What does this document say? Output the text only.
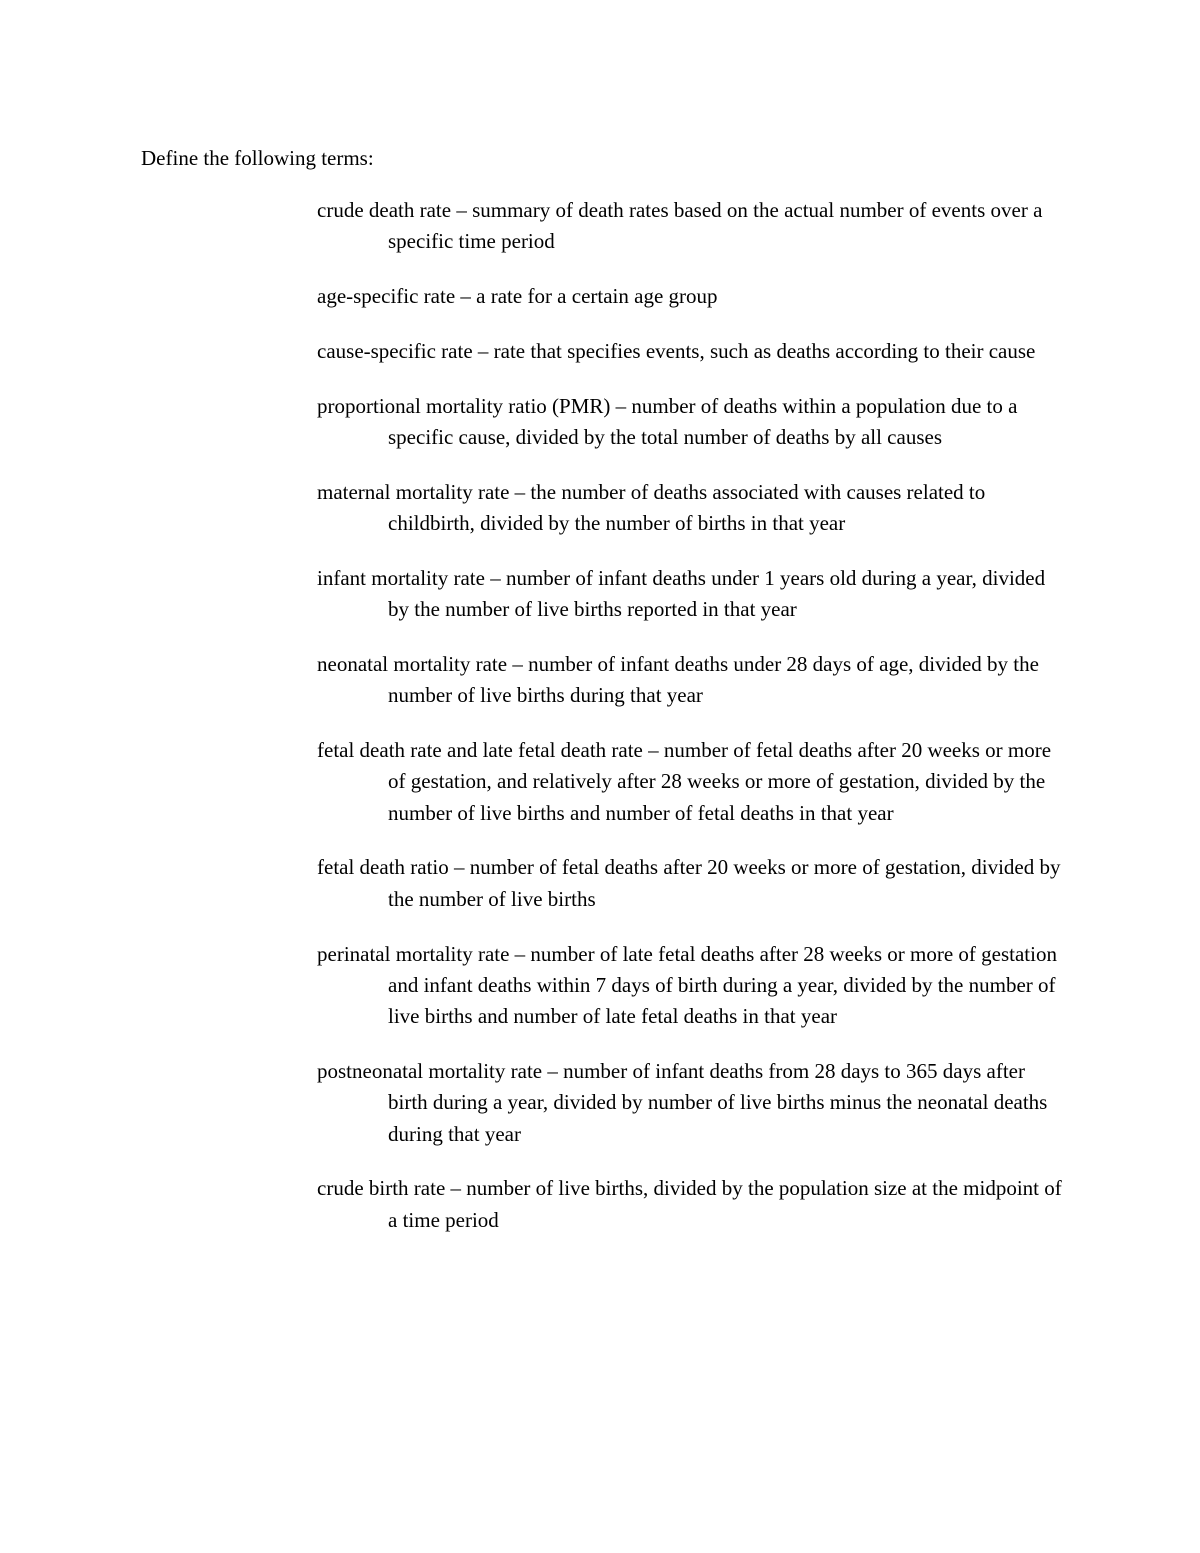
Define the following terms:
crude death rate – summary of death rates based on the actual number of events over a specific time period
age-specific rate – a rate for a certain age group
cause-specific rate – rate that specifies events, such as deaths according to their cause
proportional mortality ratio (PMR) – number of deaths within a population due to a specific cause, divided by the total number of deaths by all causes
maternal mortality rate – the number of deaths associated with causes related to childbirth, divided by the number of births in that year
infant mortality rate – number of infant deaths under 1 years old during a year, divided by the number of live births reported in that year
neonatal mortality rate – number of infant deaths under 28 days of age, divided by the number of live births during that year
fetal death rate and late fetal death rate – number of fetal deaths after 20 weeks or more of gestation, and relatively after 28 weeks or more of gestation, divided by the number of live births and number of fetal deaths in that year
fetal death ratio – number of fetal deaths after 20 weeks or more of gestation, divided by the number of live births
perinatal mortality rate – number of late fetal deaths after 28 weeks or more of gestation and infant deaths within 7 days of birth during a year, divided by the number of live births and number of late fetal deaths in that year
postneonatal mortality rate – number of infant deaths from 28 days to 365 days after birth during a year, divided by number of live births minus the neonatal deaths during that year
crude birth rate – number of live births, divided by the population size at the midpoint of a time period
